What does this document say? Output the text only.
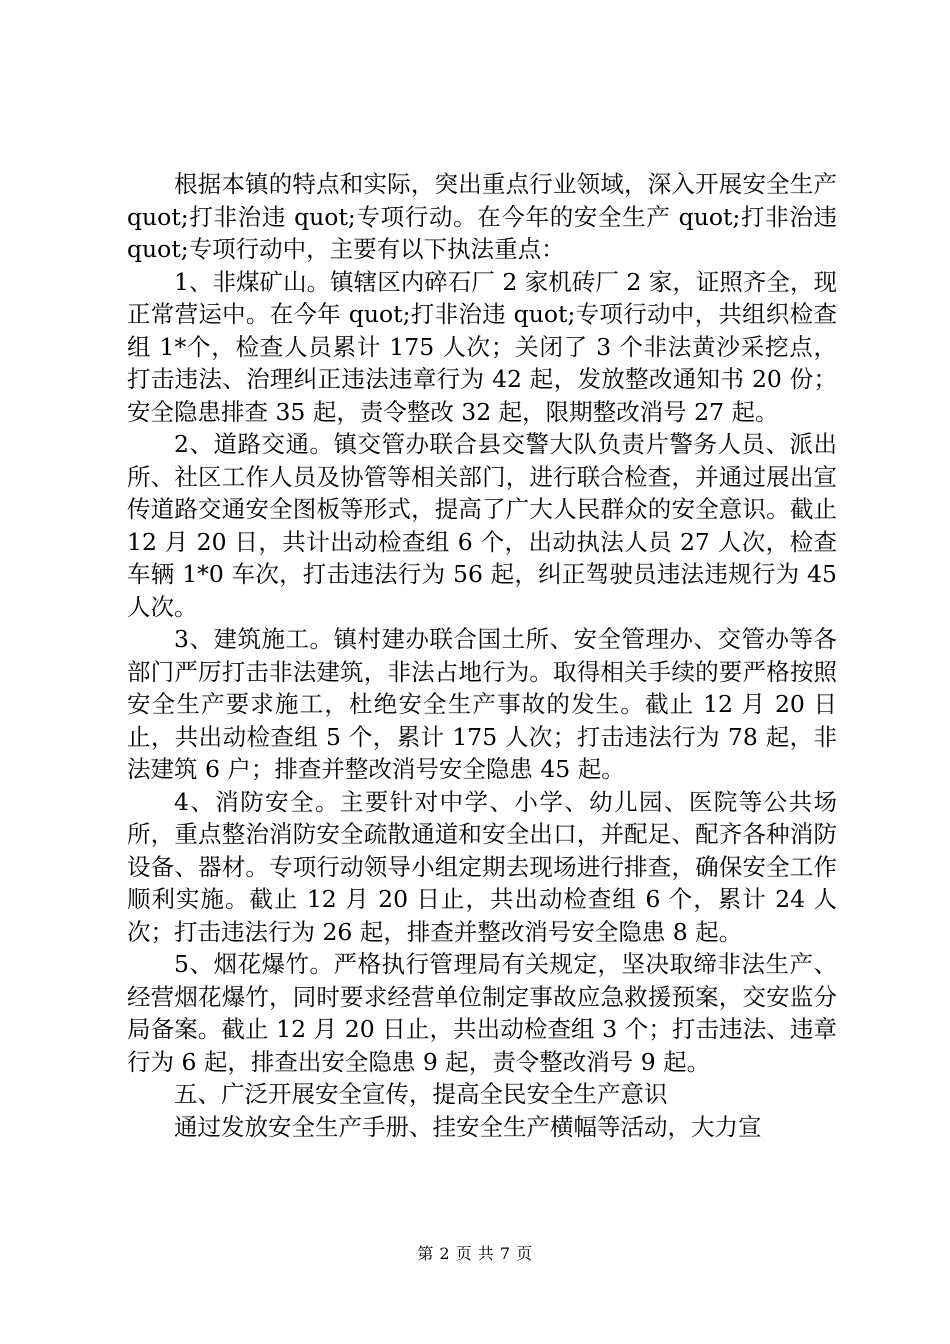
根据本镇的特点和实际，突出重点行业领域，深入开展安全生产 quot;打非治违 quot;专项行动。在今年的安全生产 quot;打非治违 quot;专项行动中，主要有以下执法重点：

1、非煤矿山。镇辖区内碎石厂 2 家机砖厂 2 家，证照齐全，现正常营运中。在今年 quot;打非治违 quot;专项行动中，共组织检查组 1*个，检查人员累计 175 人次；关闭了 3 个非法黄沙采挖点，打击违法、治理纠正违法违章行为 42 起，发放整改通知书 20 份；安全隐患排查 35 起，责令整改 32 起，限期整改消号 27 起。

2、道路交通。镇交管办联合县交警大队负责片警务人员、派出所、社区工作人员及协管等相关部门，进行联合检查，并通过展出宣传道路交通安全图板等形式，提高了广大人民群众的安全意识。截止 12 月 20 日，共计出动检查组 6 个，出动执法人员 27 人次，检查车辆 1*0 车次，打击违法行为 56 起，纠正驾驶员违法违规行为 45 人次。

3、建筑施工。镇村建办联合国土所、安全管理办、交管办等各部门严厉打击非法建筑，非法占地行为。取得相关手续的要严格按照安全生产要求施工，杜绝安全生产事故的发生。截止 12 月 20 日止，共出动检查组 5 个，累计 175 人次；打击违法行为 78 起，非法建筑 6 户；排查并整改消号安全隐患 45 起。

4、消防安全。主要针对中学、小学、幼儿园、医院等公共场所，重点整治消防安全疏散通道和安全出口，并配足、配齐各种消防设备、器材。专项行动领导小组定期去现场进行排查，确保安全工作顺利实施。截止 12 月 20 日止，共出动检查组 6 个，累计 24 人次；打击违法行为 26 起，排查并整改消号安全隐患 8 起。

5、烟花爆竹。严格执行管理局有关规定，坚决取缔非法生产、经营烟花爆竹，同时要求经营单位制定事故应急救援预案，交安监分局备案。截止 12 月 20 日止，共出动检查组 3 个；打击违法、违章行为 6 起，排查出安全隐患 9 起，责令整改消号 9 起。

五、广泛开展安全宣传，提高全民安全生产意识

通过发放安全生产手册、挂安全生产横幅等活动，大力宣

第 2 页 共 7 页
